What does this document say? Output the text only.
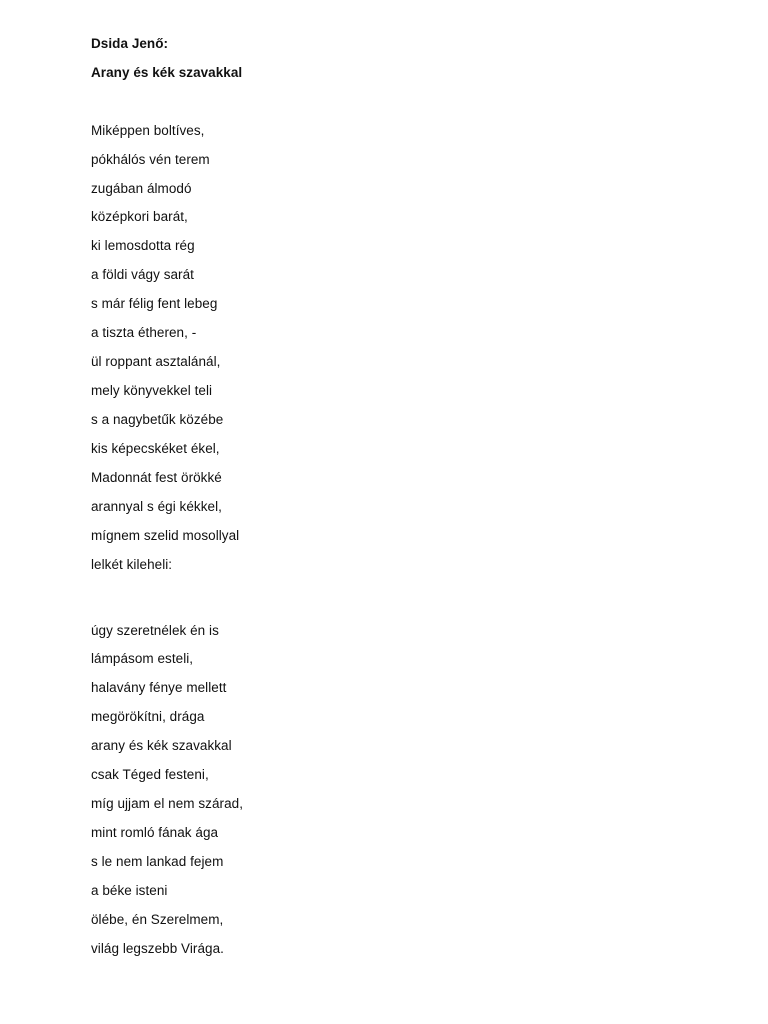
Dsida Jenő:
Arany és kék szavakkal
Miképpen boltíves,
pókhálós vén terem
zugában álmodó
középkori barát,
ki lemosdotta rég
a földi vágy sarát
s már félig fent lebeg
a tiszta étheren, -
ül roppant asztalánál,
mely könyvekkel teli
s a nagybetűk közébe
kis képecskéket ékel,
Madonnát fest örökké
arannyal s égi kékkel,
mígnem szelid mosollyal
lelkét kileheli:
úgy szeretnélek én is
lámpásom esteli,
halavány fénye mellett
megörökítni, drága
arany és kék szavakkal
csak Téged festeni,
míg ujjam el nem szárad,
mint romló fának ága
s le nem lankad fejem
a béke isteni
ölébe, én Szerelmem,
világ legszebb Virága.
